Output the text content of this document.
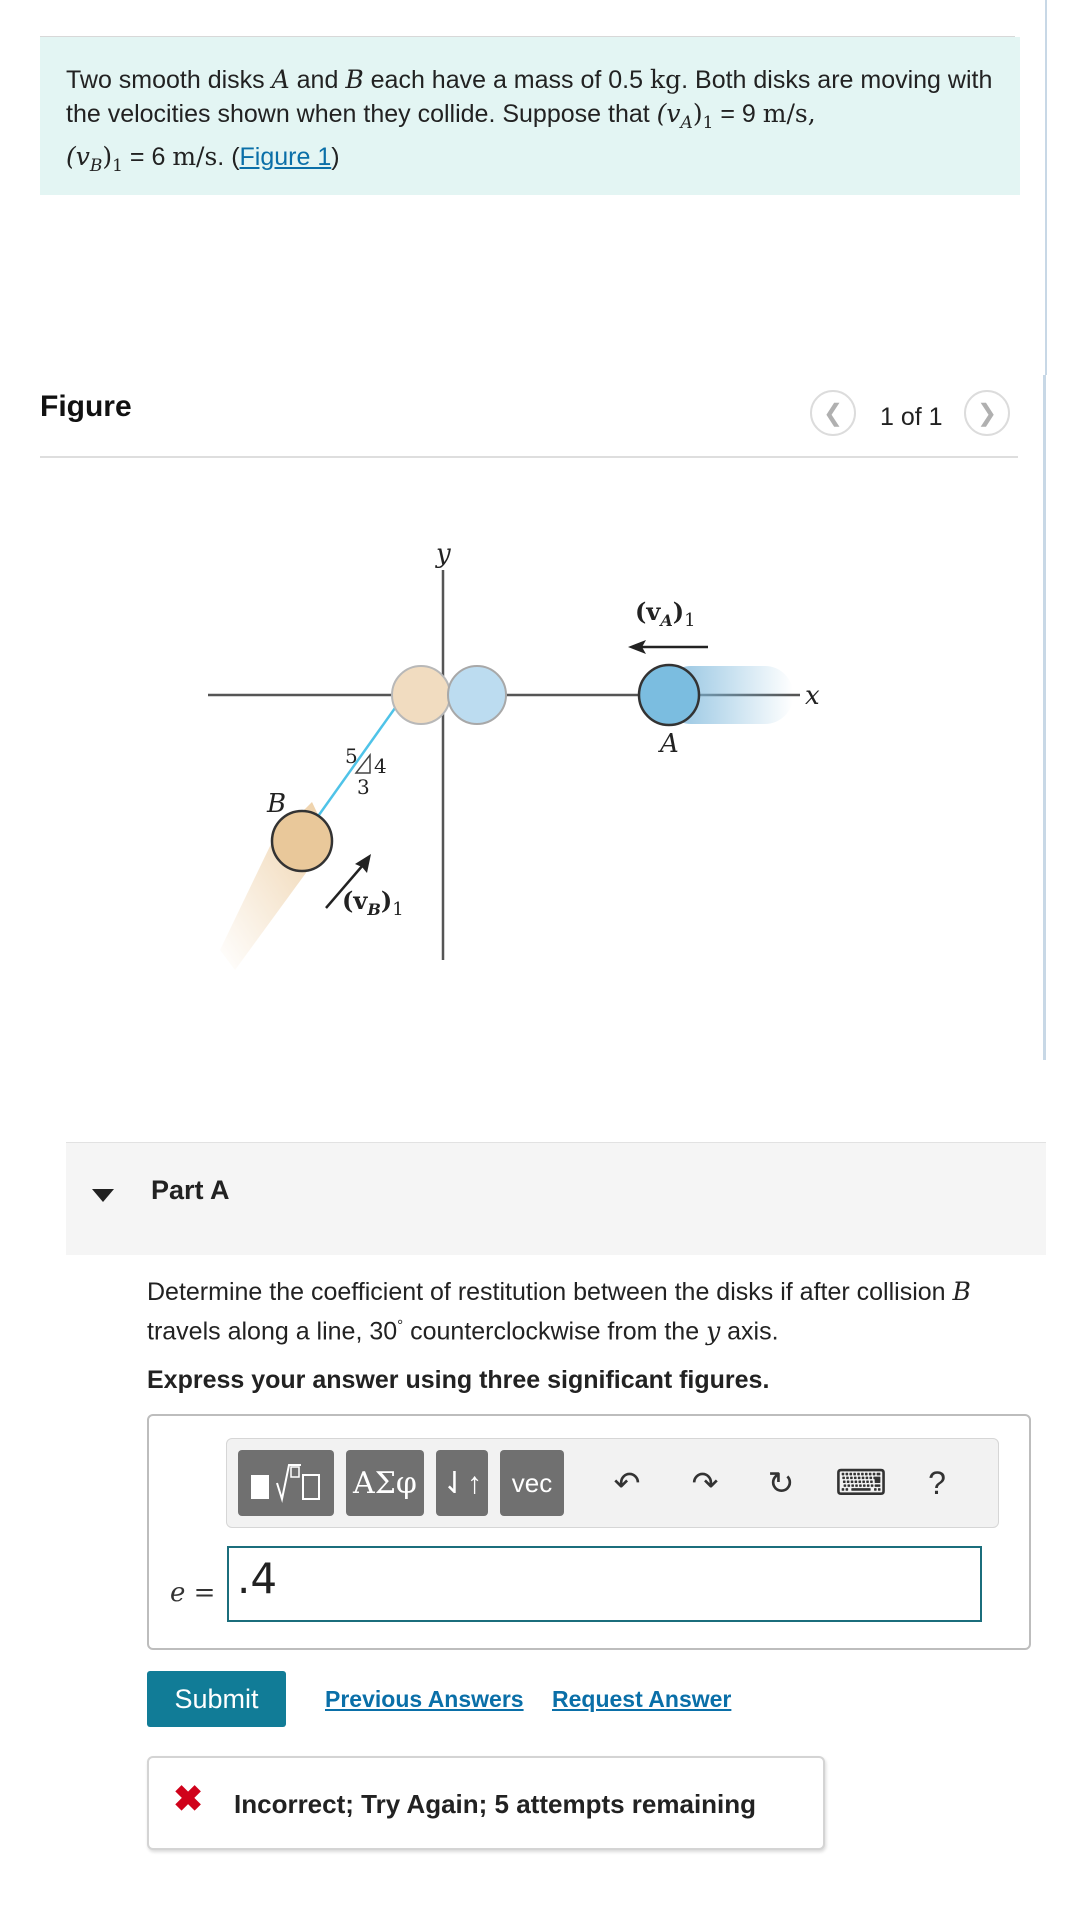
Two smooth disks A and B each have a mass of 0.5 kg. Both disks are moving with the velocities shown when they collide. Suppose that $(v_A)_1 = 9$ m/s,
$(v_B)_1 = 6$ m/s. (Figure 1)
Figure	❮ 1 of 1 ❯
y
x
A
$(v_A)_1$
B
5 4
3
$(v_B)_1$
Part A
Determine the coefficient of restitution between the disks if after collision B travels along a line, 30° counterclockwise from the y axis.
Express your answer using three significant figures.
ΑΣφ ⇃↑ vec ↶ ↷ ↻ ⌨ ?
e = .4
Submit	Previous Answers Request Answer
✖ Incorrect; Try Again; 5 attempts remaining
